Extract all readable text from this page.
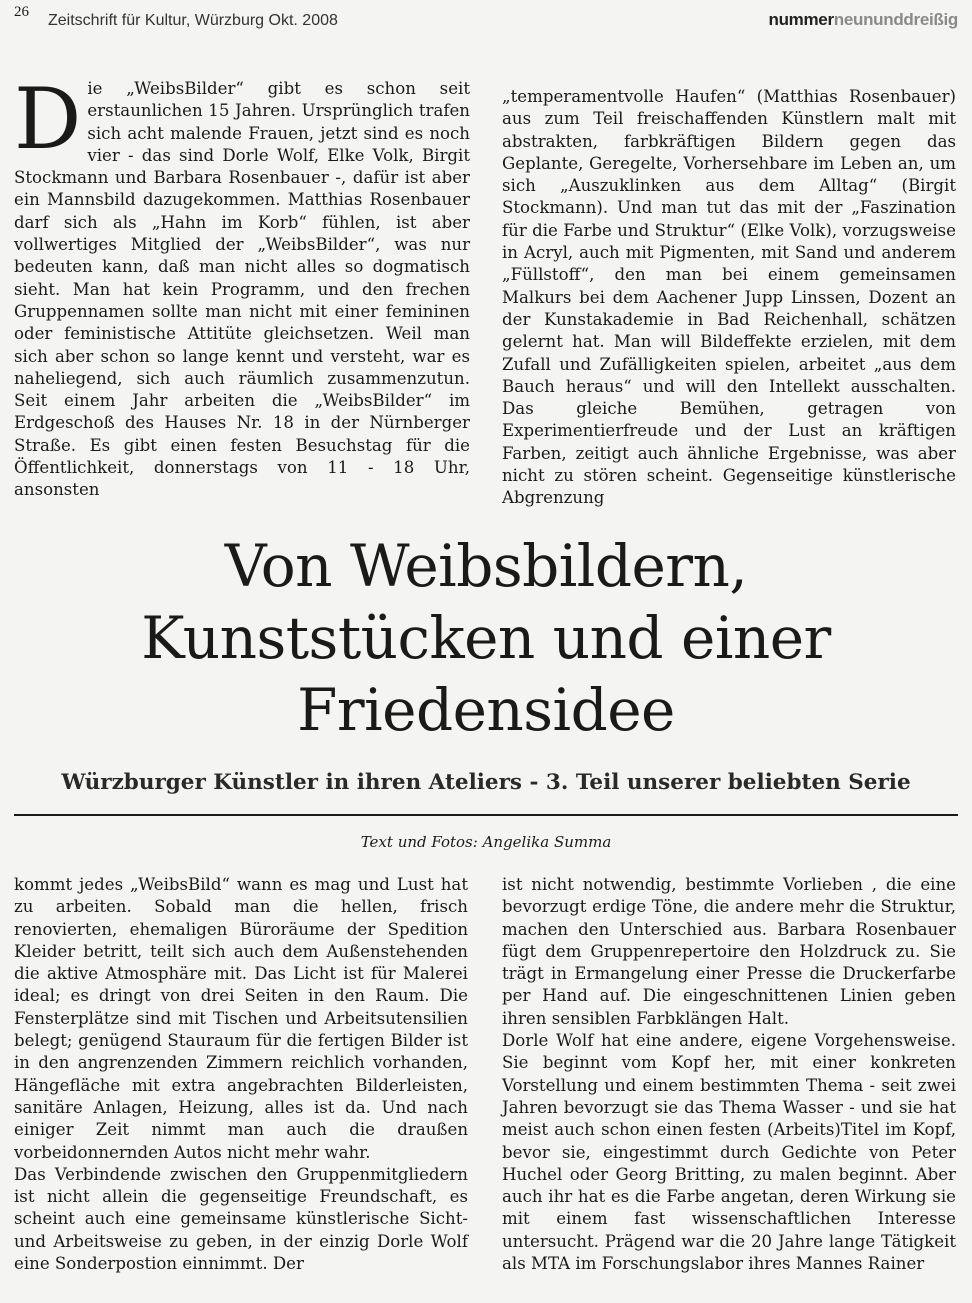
26 Zeitschrift für Kultur, Würzburg Okt. 2008	nummerneununddreißig

Die „WeibsBilder“ gibt es schon seit erstaunlichen 15 Jahren. Ursprünglich trafen sich acht malende Frauen, jetzt sind es noch vier - das sind Dorle Wolf, Elke Volk, Birgit Stockmann und Barbara Rosenbauer -, dafür ist aber ein Mannsbild dazugekommen. Matthias Rosenbauer darf sich als „Hahn im Korb“ fühlen, ist aber vollwertiges Mitglied der „WeibsBilder“, was nur bedeuten kann, daß man nicht alles so dogmatisch sieht. Man hat kein Programm, und den frechen Gruppennamen sollte man nicht mit einer femininen oder feministische Attitüte gleichsetzen. Weil man sich aber schon so lange kennt und versteht, war es naheliegend, sich auch räumlich zusammenzutun. Seit einem Jahr arbeiten die „WeibsBilder“ im Erdgeschoß des Hauses Nr. 18 in der Nürnberger Straße. Es gibt einen festen Besuchstag für die Öffentlichkeit, donnerstags von 11 - 18 Uhr, ansonsten

„temperamentvolle Haufen“ (Matthias Rosenbauer) aus zum Teil freischaffenden Künstlern malt mit abstrakten, farbkräftigen Bildern gegen das Geplante, Geregelte, Vorhersehbare im Leben an, um sich „Auszuklinken aus dem Alltag“ (Birgit Stockmann). Und man tut das mit der „Faszination für die Farbe und Struktur“ (Elke Volk), vorzugsweise in Acryl, auch mit Pigmenten, mit Sand und anderem „Füllstoff“, den man bei einem gemeinsamen Malkurs bei dem Aachener Jupp Linssen, Dozent an der Kunstakademie in Bad Reichenhall, schätzen gelernt hat. Man will Bildeffekte erzielen, mit dem Zufall und Zufälligkeiten spielen, arbeitet „aus dem Bauch heraus“ und will den Intellekt ausschalten. Das gleiche Bemühen, getragen von Experimentierfreude und der Lust an kräftigen Farben, zeitigt auch ähnliche Ergebnisse, was aber nicht zu stören scheint. Gegenseitige künstlerische Abgrenzung

Von Weibsbildern,
Kunststücken und einer
Friedensidee
Würzburger Künstler in ihren Ateliers - 3. Teil unserer beliebten Serie
Text und Fotos: Angelika Summa

kommt jedes „WeibsBild“ wann es mag und Lust hat zu arbeiten. Sobald man die hellen, frisch renovierten, ehemaligen Büroräume der Spedition Kleider betritt, teilt sich auch dem Außenstehenden die aktive Atmosphäre mit. Das Licht ist für Malerei ideal; es dringt von drei Seiten in den Raum. Die Fensterplätze sind mit Tischen und Arbeitsutensilien belegt; genügend Stauraum für die fertigen Bilder ist in den angrenzenden Zimmern reichlich vorhanden, Hängefläche mit extra angebrachten Bilderleisten, sanitäre Anlagen, Heizung, alles ist da. Und nach einiger Zeit nimmt man auch die draußen vorbeidonnernden Autos nicht mehr wahr.

Das Verbindende zwischen den Gruppenmitgliedern ist nicht allein die gegenseitige Freundschaft, es scheint auch eine gemeinsame künstlerische Sicht- und Arbeitsweise zu geben, in der einzig Dorle Wolf eine Sonderpostion einnimmt. Der

ist nicht notwendig, bestimmte Vorlieben , die eine bevorzugt erdige Töne, die andere mehr die Struktur, machen den Unterschied aus. Barbara Rosenbauer fügt dem Gruppenrepertoire den Holzdruck zu. Sie trägt in Ermangelung einer Presse die Druckerfarbe per Hand auf. Die eingeschnittenen Linien geben ihren sensiblen Farbklängen Halt.

Dorle Wolf hat eine andere, eigene Vorgehensweise. Sie beginnt vom Kopf her, mit einer konkreten Vorstellung und einem bestimmten Thema - seit zwei Jahren bevorzugt sie das Thema Wasser - und sie hat meist auch schon einen festen (Arbeits)Titel im Kopf, bevor sie, eingestimmt durch Gedichte von Peter Huchel oder Georg Britting, zu malen beginnt. Aber auch ihr hat es die Farbe angetan, deren Wirkung sie mit einem fast wissenschaftlichen Interesse untersucht. Prägend war die 20 Jahre lange Tätigkeit als MTA im Forschungslabor ihres Mannes Rainer
